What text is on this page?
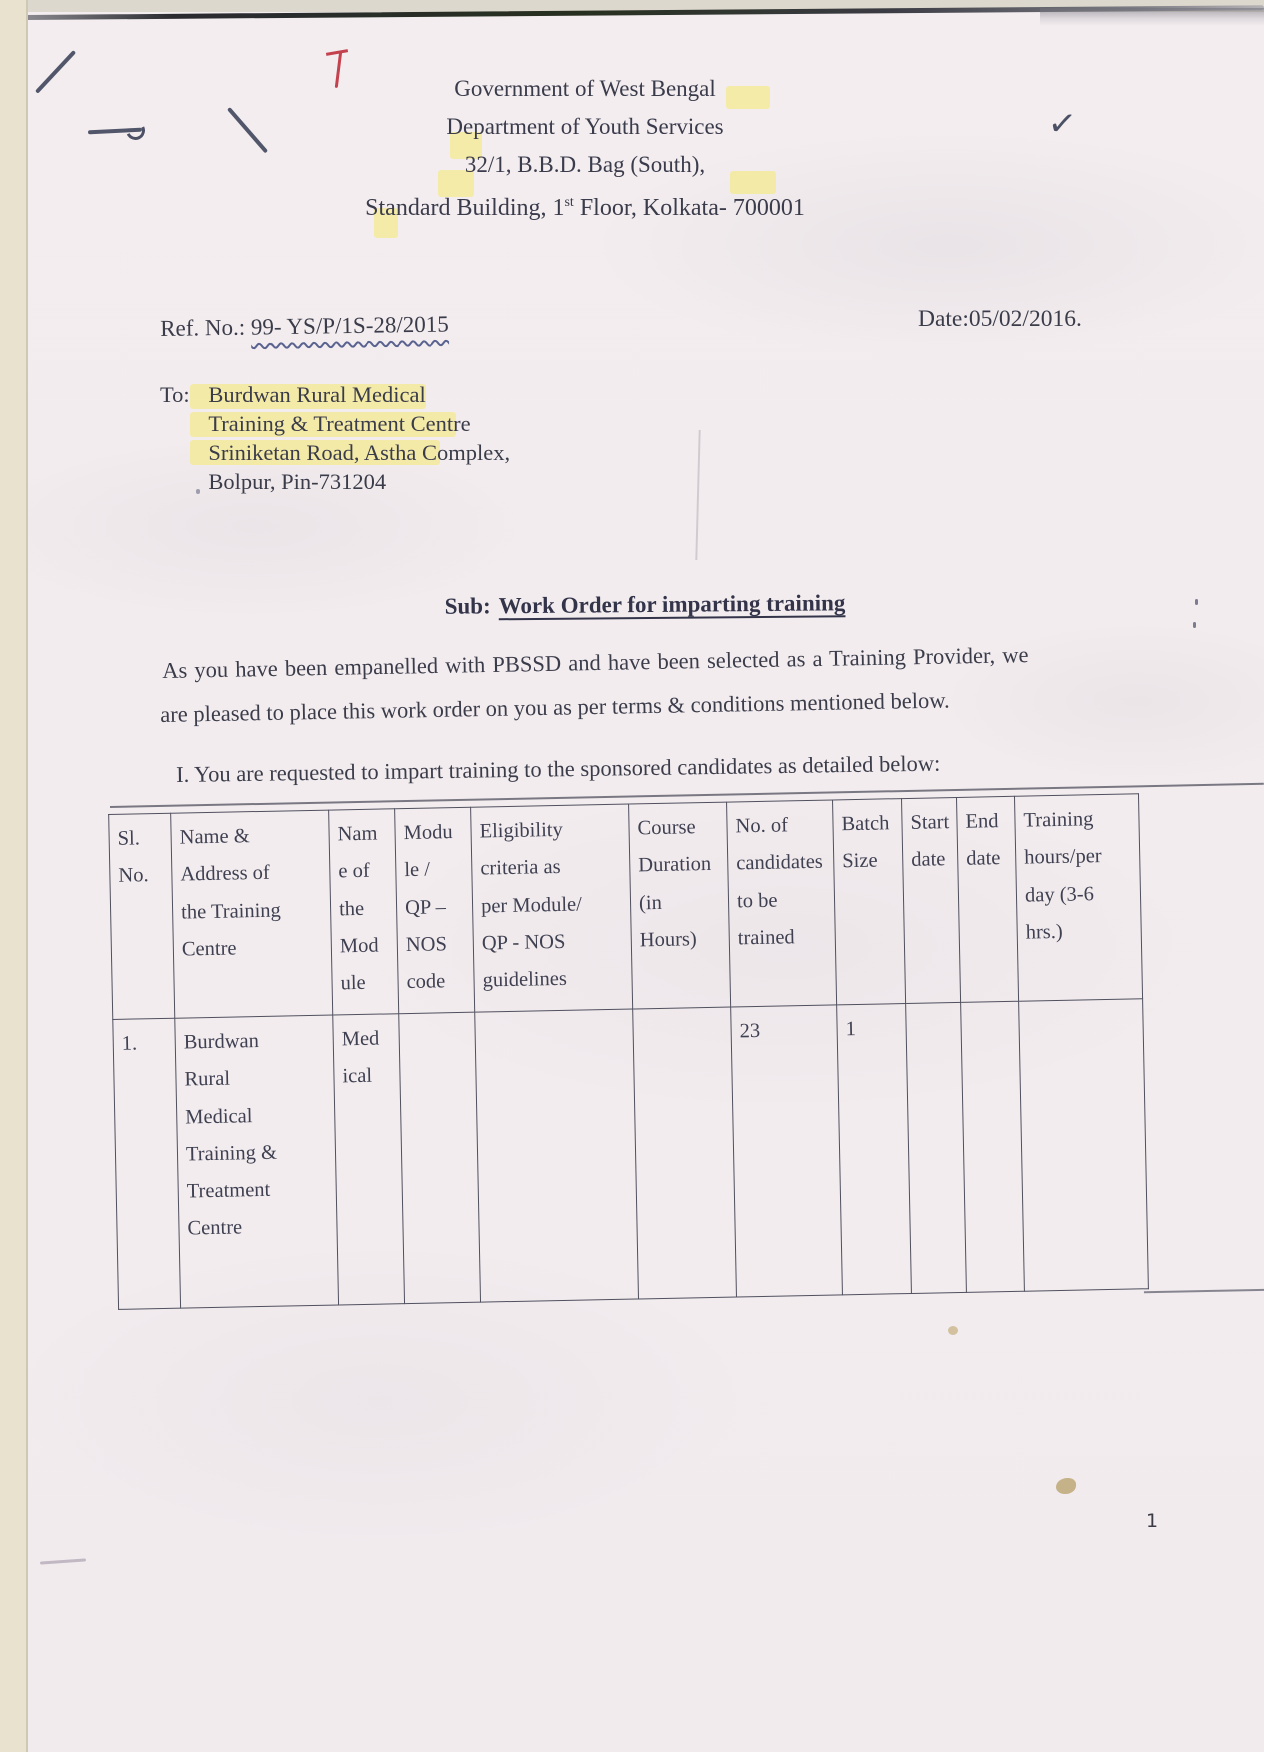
✓
Government of West Bengal
Department of Youth Services
32/1, B.B.D. Bag (South),
Standard Building, 1st Floor, Kolkata- 700001
Ref. No.: 99- YS/P/1S-28/2015	Date:05/02/2016.
To: Burdwan Rural Medical
Training & Treatment Centre
Sriniketan Road, Astha Complex,
Bolpur, Pin-731204
Sub: Work Order for imparting training
As you have been empanelled with PBSSD and have been selected as a Training Provider, we
are pleased to place this work order on you as per terms & conditions mentioned below.
I. You are requested to impart training to the sponsored candidates as detailed below:
Sl.
No.	Name &
Address of
the Training
Centre	Nam
e of
the
Mod
ule	Modu
le /
QP –
NOS
code	Eligibility
criteria as
per Module/
QP - NOS
guidelines	Course
Duration
(in
Hours)	No. of
candidates
to be
trained	Batch
Size	Start
date	End
date	Training
hours/per
day (3-6
hrs.)
1.	Burdwan
Rural
Medical
Training &
Treatment
Centre	Med
ical				23	1			
1
